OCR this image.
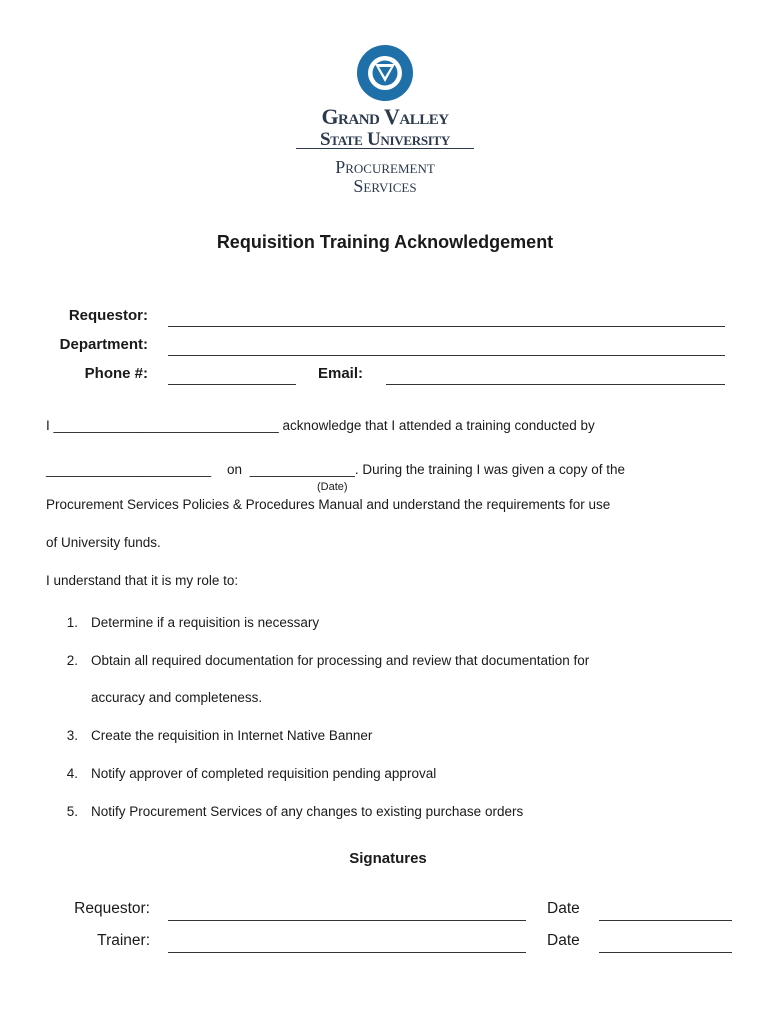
Grand Valley
State University
Procurement
Services
Requisition Training Acknowledgement
Requestor:
Department:
Phone #:	Email:
I ______________________________ acknowledge that I attended a training conducted by
______________________ on ______________. During the training I was given a copy of the
(Date)
Procurement Services Policies & Procedures Manual and understand the requirements for use
of University funds.
I understand that it is my role to:
1. Determine if a requisition is necessary
2. Obtain all required documentation for processing and review that documentation for
accuracy and completeness.
3. Create the requisition in Internet Native Banner
4. Notify approver of completed requisition pending approval
5. Notify Procurement Services of any changes to existing purchase orders
Signatures
Requestor:	Date
Trainer:	Date
